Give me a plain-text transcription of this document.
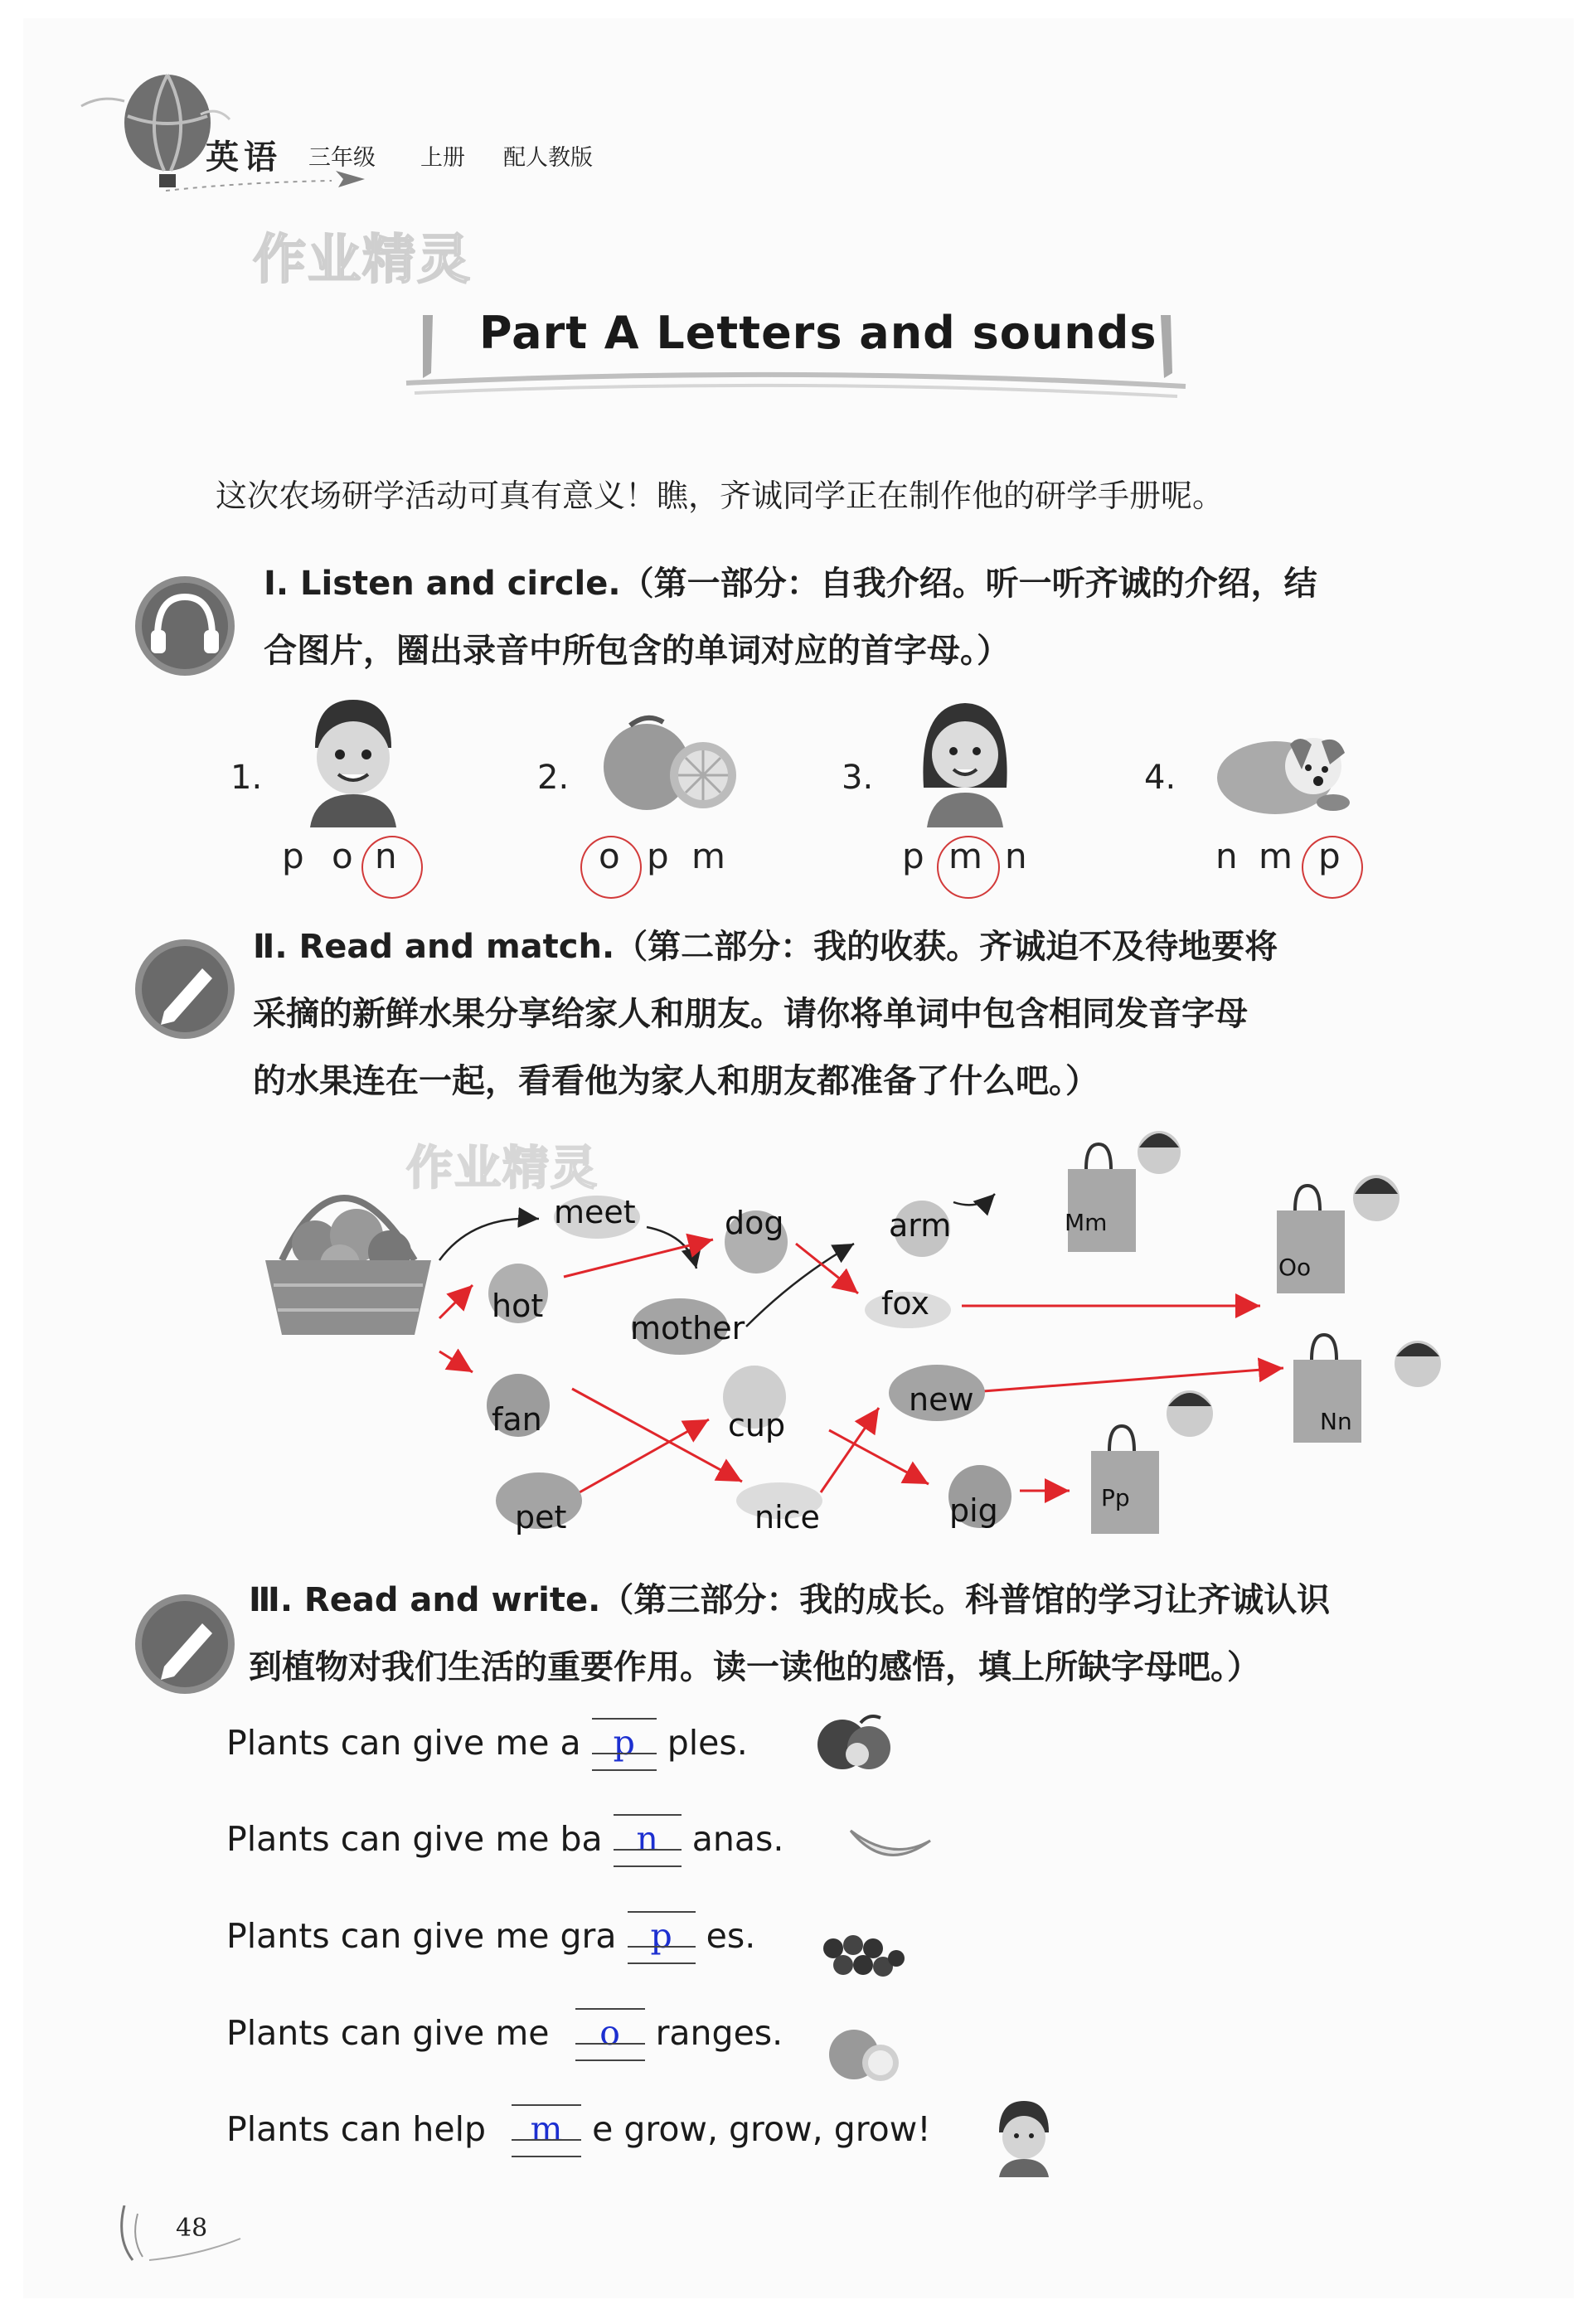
英语 三年级 上册 配人教版
作业精灵
Part A Letters and sounds
这次农场研学活动可真有意义！瞧，齐诚同学正在制作他的研学手册呢。
Ⅰ. Listen and circle.（第一部分：自我介绍。听一听齐诚的介绍，结
合图片，圈出录音中所包含的单词对应的首字母。）
1.	2.	3.	4.
p o n	o p m	p m n	n m p
Ⅱ. Read and match.（第二部分：我的收获。齐诚迫不及待地要将
采摘的新鲜水果分享给家人和朋友。请你将单词中包含相同发音字母
的水果连在一起，看看他为家人和朋友都准备了什么吧。）
作业精灵
meet	dog	arm
hot
mother
fox
fan	cup
new
pet	nice	pig
Mm
Oo
Nn
Pp
Ⅲ. Read and write.（第三部分：我的成长。科普馆的学习让齐诚认识
到植物对我们生活的重要作用。读一读他的感悟，填上所缺字母吧。）
Plants can give me a p ples.
Plants can give me ba n anas.
Plants can give me gra p es.
Plants can give me o ranges.
Plants can help m e grow, grow, grow!
48
